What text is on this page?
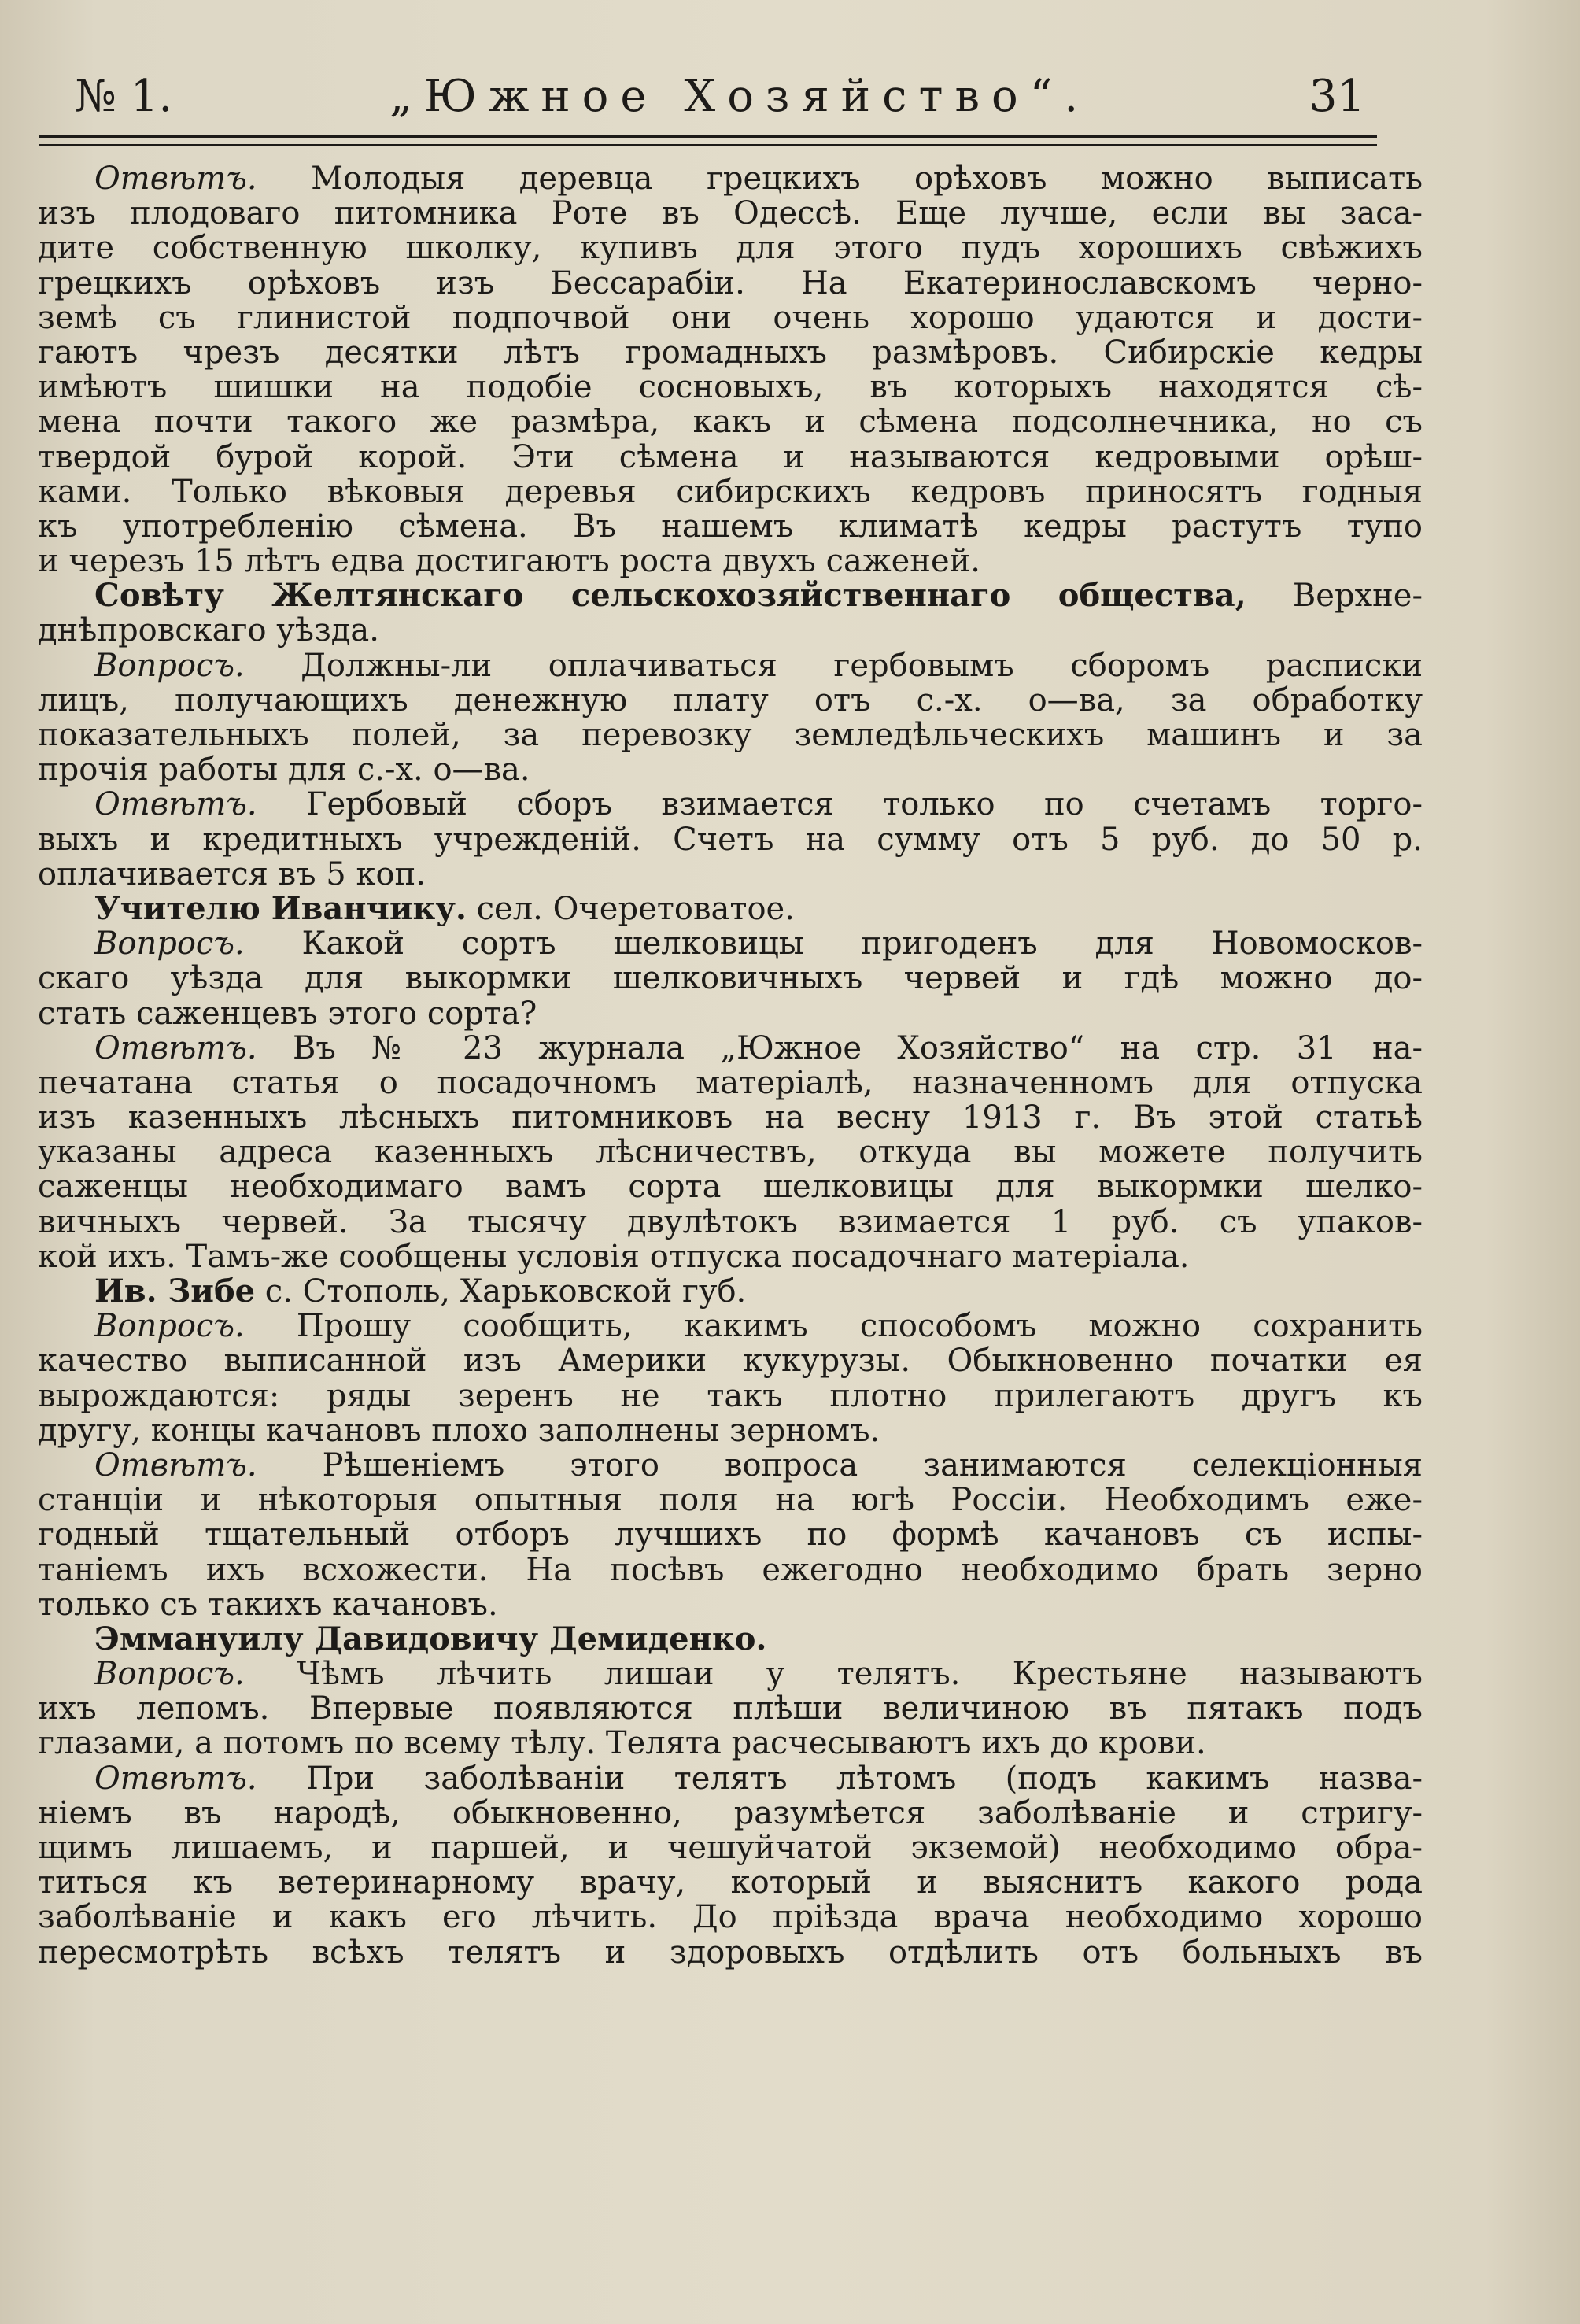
№ 1.	„Южное Хозяйство“.	31
Отвѣтъ. Молодыя деревца грецкихъ орѣховъ можно выписать
изъ плодоваго питомника Роте въ Одессѣ. Еще лучше, если вы заса-
дите собственную школку, купивъ для этого пудъ хорошихъ свѣжихъ
грецкихъ орѣховъ изъ Бессарабіи. На Екатеринославскомъ черно-
земѣ съ глинистой подпочвой они очень хорошо удаются и дости-
гаютъ чрезъ десятки лѣтъ громадныхъ размѣровъ. Сибирскіе кедры
имѣютъ шишки на подобіе сосновыхъ, въ которыхъ находятся сѣ-
мена почти такого же размѣра, какъ и сѣмена подсолнечника, но съ
твердой бурой корой. Эти сѣмена и называются кедровыми орѣш-
ками. Только вѣковыя деревья сибирскихъ кедровъ приносятъ годныя
къ употребленію сѣмена. Въ нашемъ климатѣ кедры растутъ тупо
и черезъ 15 лѣтъ едва достигаютъ роста двухъ саженей.
Совѣту Желтянскаго сельскохозяйственнаго общества, Верхне-
днѣпровскаго уѣзда.
Вопросъ. Должны-ли оплачиваться гербовымъ сборомъ расписки
лицъ, получающихъ денежную плату отъ с.-х. о—ва, за обработку
показательныхъ полей, за перевозку земледѣльческихъ машинъ и за
прочія работы для с.-х. о—ва.
Отвѣтъ. Гербовый сборъ взимается только по счетамъ торго-
выхъ и кредитныхъ учрежденій. Счетъ на сумму отъ 5 руб. до 50 р.
оплачивается въ 5 коп.
Учителю Иванчику. сел. Очеретоватое.
Вопросъ. Какой сортъ шелковицы пригоденъ для Новомосков-
скаго уѣзда для выкормки шелковичныхъ червей и гдѣ можно до-
стать саженцевъ этого сорта?
Отвѣтъ. Въ № 23 журнала „Южное Хозяйство“ на стр. 31 на-
печатана статья о посадочномъ матеріалѣ, назначенномъ для отпуска
изъ казенныхъ лѣсныхъ питомниковъ на весну 1913 г. Въ этой статьѣ
указаны адреса казенныхъ лѣсничествъ, откуда вы можете получить
саженцы необходимаго вамъ сорта шелковицы для выкормки шелко-
вичныхъ червей. За тысячу двулѣтокъ взимается 1 руб. съ упаков-
кой ихъ. Тамъ-же сообщены условія отпуска посадочнаго матеріала.
Ив. Зибе с. Стополь, Харьковской губ.
Вопросъ. Прошу сообщить, какимъ способомъ можно сохранить
качество выписанной изъ Америки кукурузы. Обыкновенно початки ея
вырождаются: ряды зеренъ не такъ плотно прилегаютъ другъ къ
другу, концы качановъ плохо заполнены зерномъ.
Отвѣтъ. Рѣшеніемъ этого вопроса занимаются селекціонныя
станціи и нѣкоторыя опытныя поля на югѣ Россіи. Необходимъ еже-
годный тщательный отборъ лучшихъ по формѣ качановъ съ испы-
таніемъ ихъ всхожести. На посѣвъ ежегодно необходимо брать зерно
только съ такихъ качановъ.
Эммануилу Давидовичу Демиденко.
Вопросъ. Чѣмъ лѣчить лишаи у телятъ. Крестьяне называютъ
ихъ лепомъ. Впервые появляются плѣши величиною въ пятакъ подъ
глазами, а потомъ по всему тѣлу. Телята расчесываютъ ихъ до крови.
Отвѣтъ. При заболѣваніи телятъ лѣтомъ (подъ какимъ назва-
ніемъ въ народѣ, обыкновенно, разумѣется заболѣваніе и стригу-
щимъ лишаемъ, и паршей, и чешуйчатой экземой) необходимо обра-
титься къ ветеринарному врачу, который и выяснитъ какого рода
заболѣваніе и какъ его лѣчить. До пріѣзда врача необходимо хорошо
пересмотрѣть всѣхъ телятъ и здоровыхъ отдѣлить отъ больныхъ въ
